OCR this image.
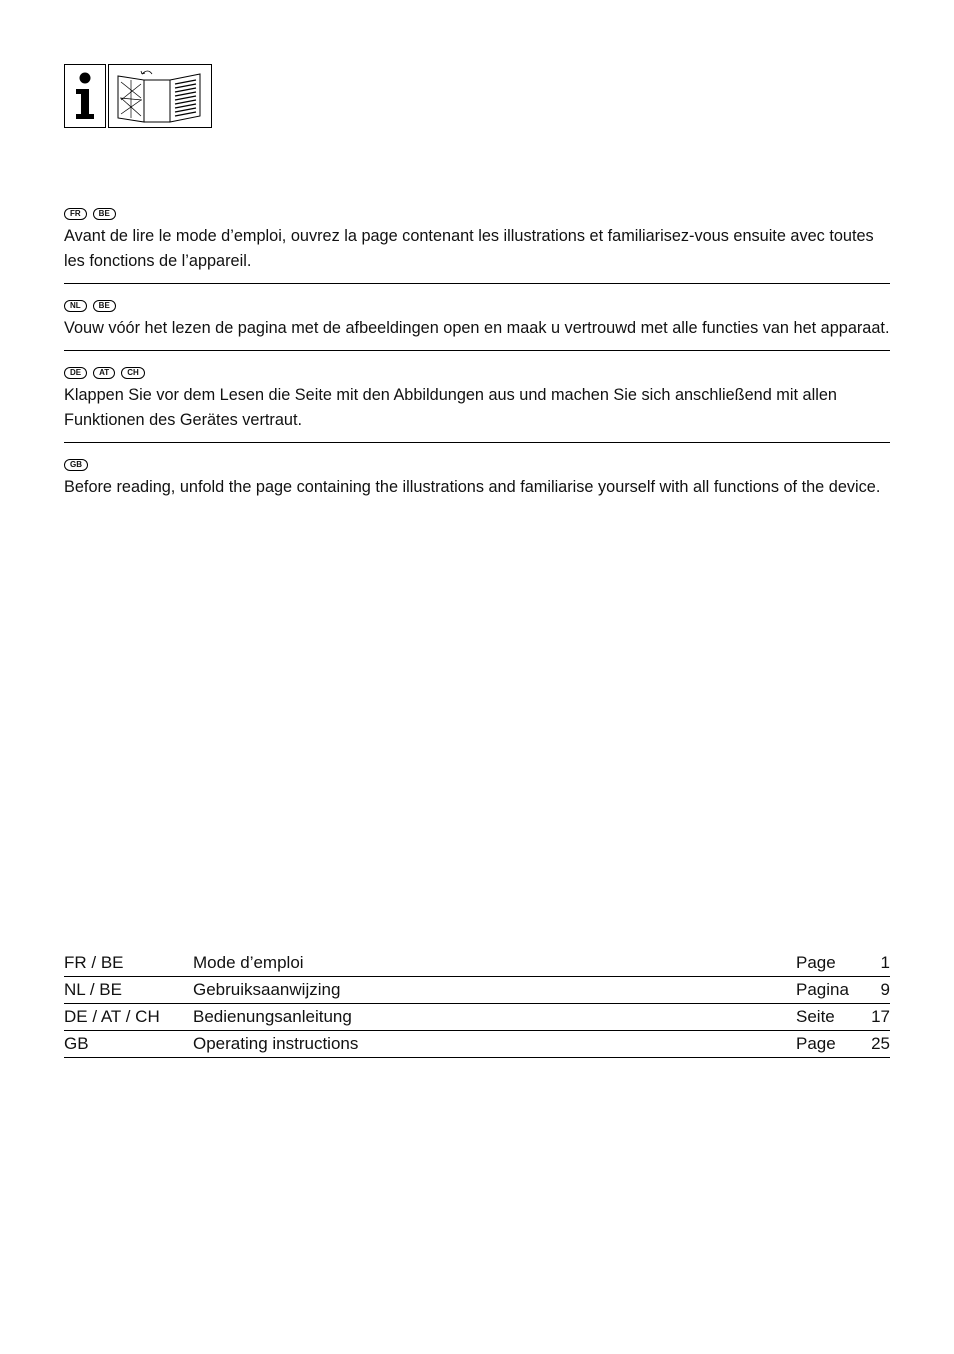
FR	BE

Avant de lire le mode d’emploi, ouvrez la page contenant les illustrations et familiarisez-vous ensuite avec toutes les fonctions de l’appareil.

NL	BE

Vouw vóór het lezen de pagina met de afbeeldingen open en maak u vertrouwd met alle functies van het apparaat.

DE	AT	CH

Klappen Sie vor dem Lesen die Seite mit den Abbildungen aus und machen Sie sich anschließend mit allen Funktionen des Gerätes vertraut.

GB

Before reading, unfold the page containing the illustrations and familiarise yourself with all functions of the device.

FR / BE	Mode d’emploi	Page	1
NL / BE	Gebruiksaanwijzing	Pagina	9
DE / AT / CH	Bedienungsanleitung	Seite	17
GB	Operating instructions	Page	25
